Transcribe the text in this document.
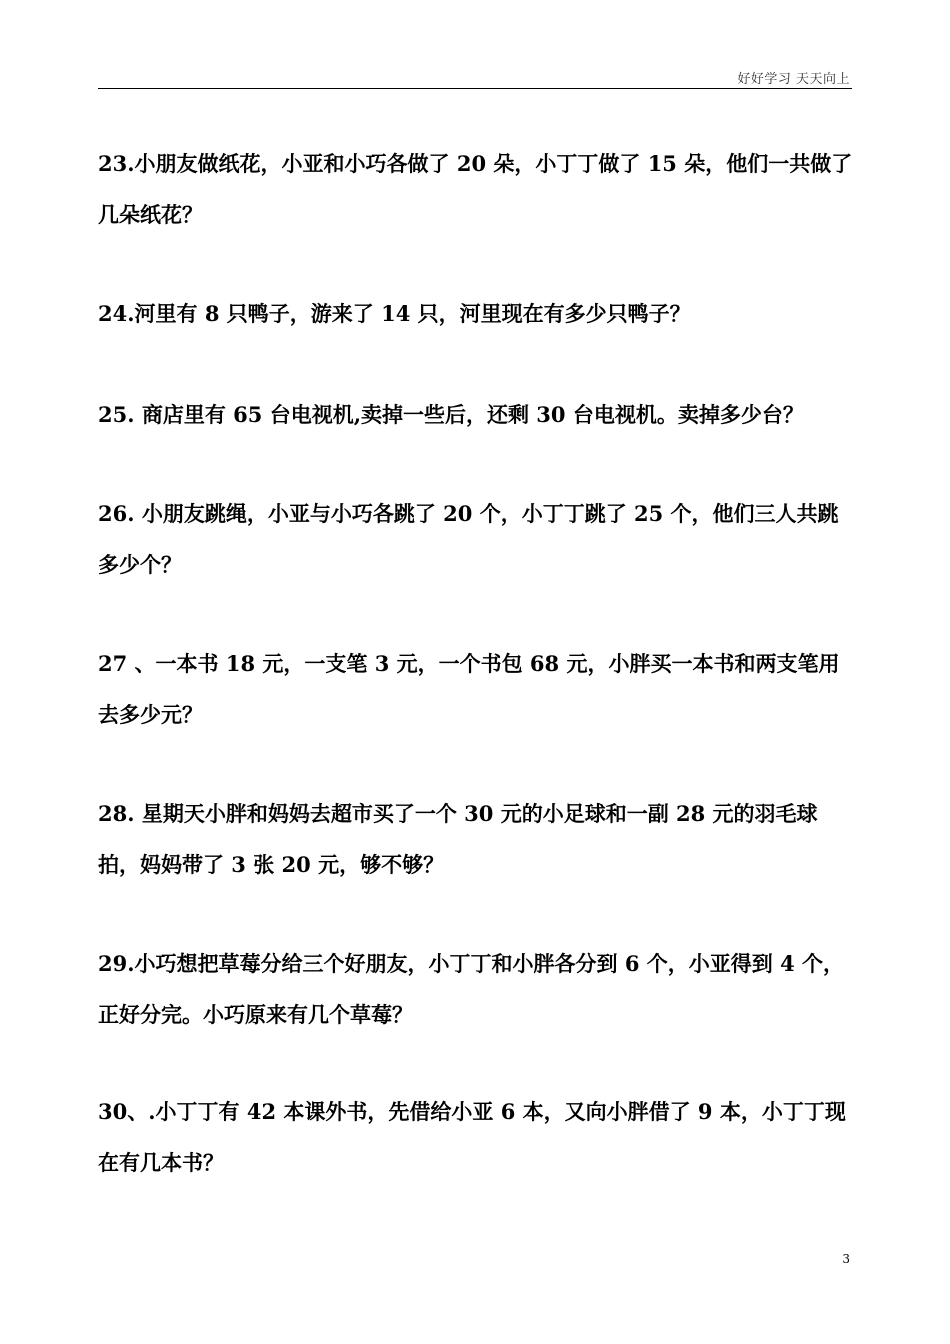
好好学习 天天向上

23.小朋友做纸花，小亚和小巧各做了 20 朵，小丁丁做了 15 朵，他们一共做了几朵纸花？

24.河里有 8 只鸭子，游来了 14 只，河里现在有多少只鸭子？

25. 商店里有 65 台电视机,卖掉一些后，还剩 30 台电视机。卖掉多少台？

26. 小朋友跳绳，小亚与小巧各跳了 20 个，小丁丁跳了 25 个，他们三人共跳多少个？

27 、一本书 18 元，一支笔 3 元，一个书包 68 元，小胖买一本书和两支笔用去多少元？

28. 星期天小胖和妈妈去超市买了一个 30 元的小足球和一副 28 元的羽毛球拍，妈妈带了 3 张 20 元，够不够？

29.小巧想把草莓分给三个好朋友，小丁丁和小胖各分到 6 个，小亚得到 4 个，正好分完。小巧原来有几个草莓？

30、.小丁丁有 42 本课外书，先借给小亚 6 本，又向小胖借了 9 本，小丁丁现在有几本书？

3
